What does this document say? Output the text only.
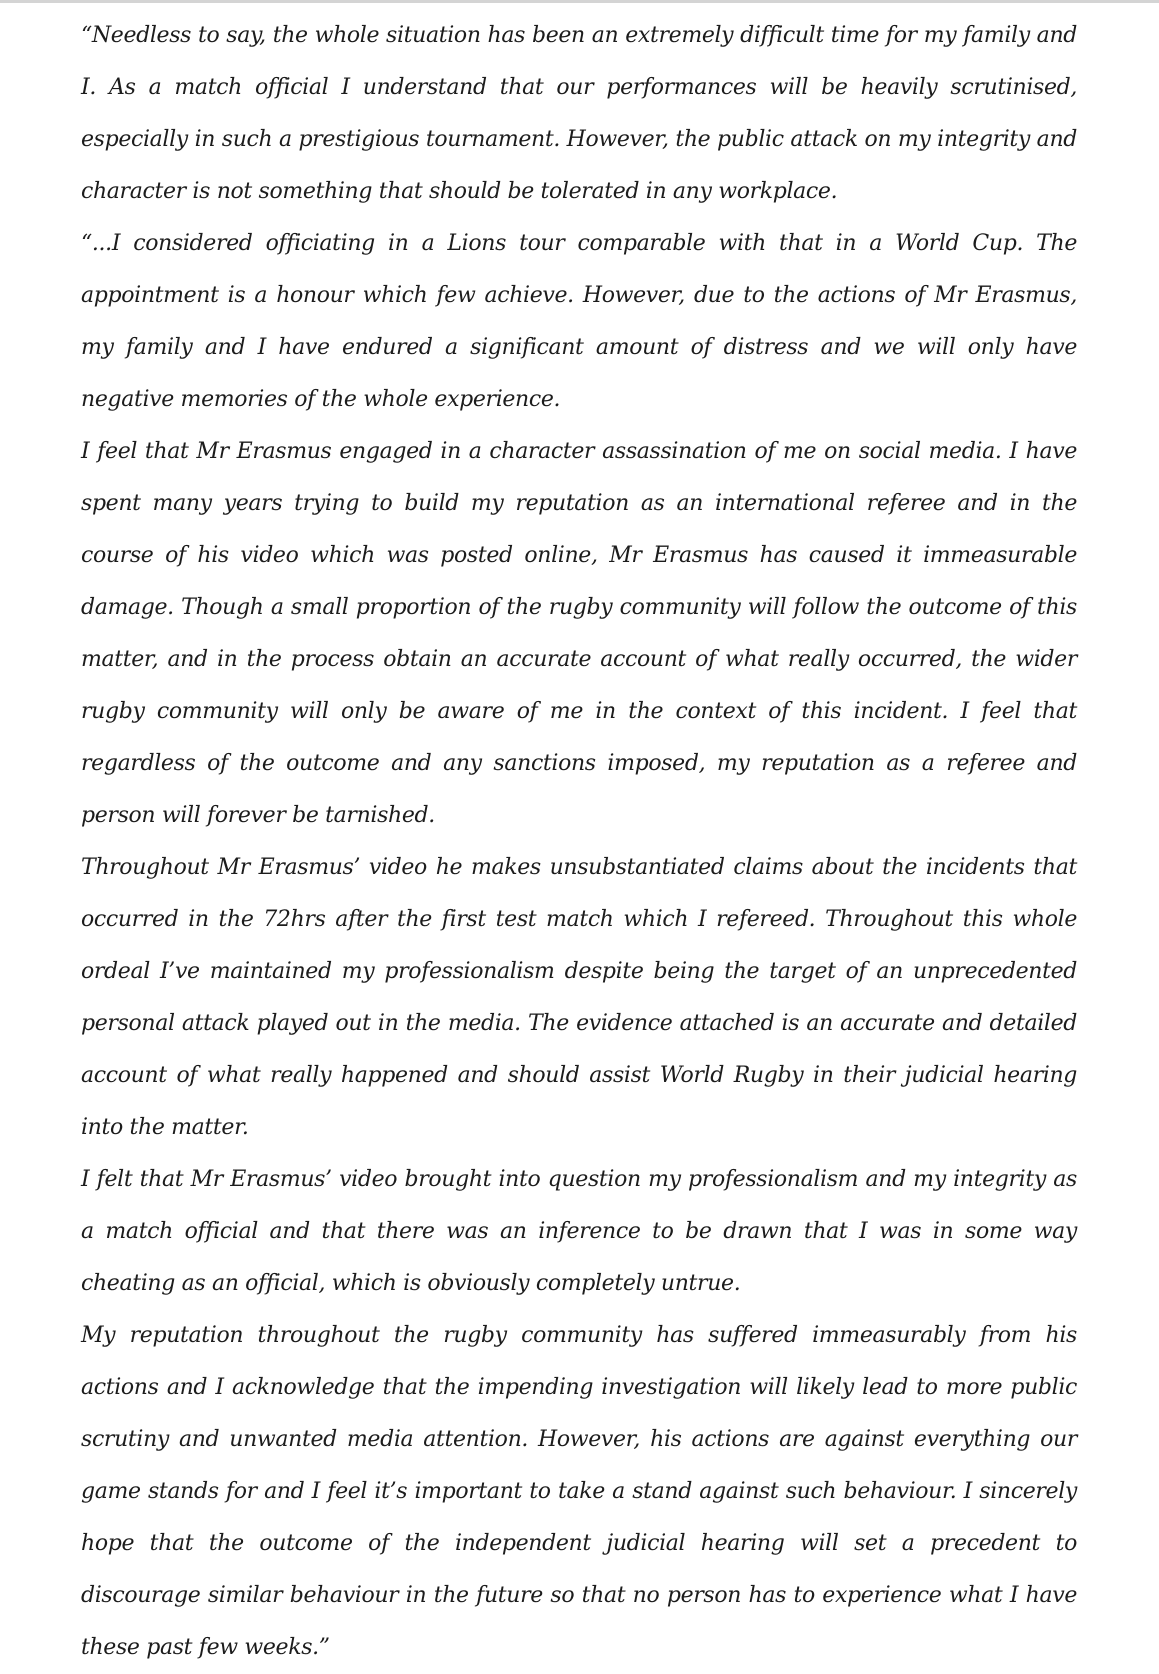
“Needless to say, the whole situation has been an extremely difficult time for my family and I. As a match official I understand that our performances will be heavily scrutinised, especially in such a prestigious tournament. However, the public attack on my integrity and character is not something that should be tolerated in any workplace.

“...I considered officiating in a Lions tour comparable with that in a World Cup. The appointment is a honour which few achieve. However, due to the actions of Mr Erasmus, my family and I have endured a significant amount of distress and we will only have negative memories of the whole experience.

I feel that Mr Erasmus engaged in a character assassination of me on social media. I have spent many years trying to build my reputation as an international referee and in the course of his video which was posted online, Mr Erasmus has caused it immeasurable damage. Though a small proportion of the rugby community will follow the outcome of this matter, and in the process obtain an accurate account of what really occurred, the wider rugby community will only be aware of me in the context of this incident. I feel that regardless of the outcome and any sanctions imposed, my reputation as a referee and person will forever be tarnished.

Throughout Mr Erasmus’ video he makes unsubstantiated claims about the incidents that occurred in the 72hrs after the first test match which I refereed. Throughout this whole ordeal I’ve maintained my professionalism despite being the target of an unprecedented personal attack played out in the media. The evidence attached is an accurate and detailed account of what really happened and should assist World Rugby in their judicial hearing into the matter.

I felt that Mr Erasmus’ video brought into question my professionalism and my integrity as a match official and that there was an inference to be drawn that I was in some way cheating as an official, which is obviously completely untrue.

My reputation throughout the rugby community has suffered immeasurably from his actions and I acknowledge that the impending investigation will likely lead to more public scrutiny and unwanted media attention. However, his actions are against everything our game stands for and I feel it’s important to take a stand against such behaviour. I sincerely hope that the outcome of the independent judicial hearing will set a precedent to discourage similar behaviour in the future so that no person has to experience what I have these past few weeks.”
